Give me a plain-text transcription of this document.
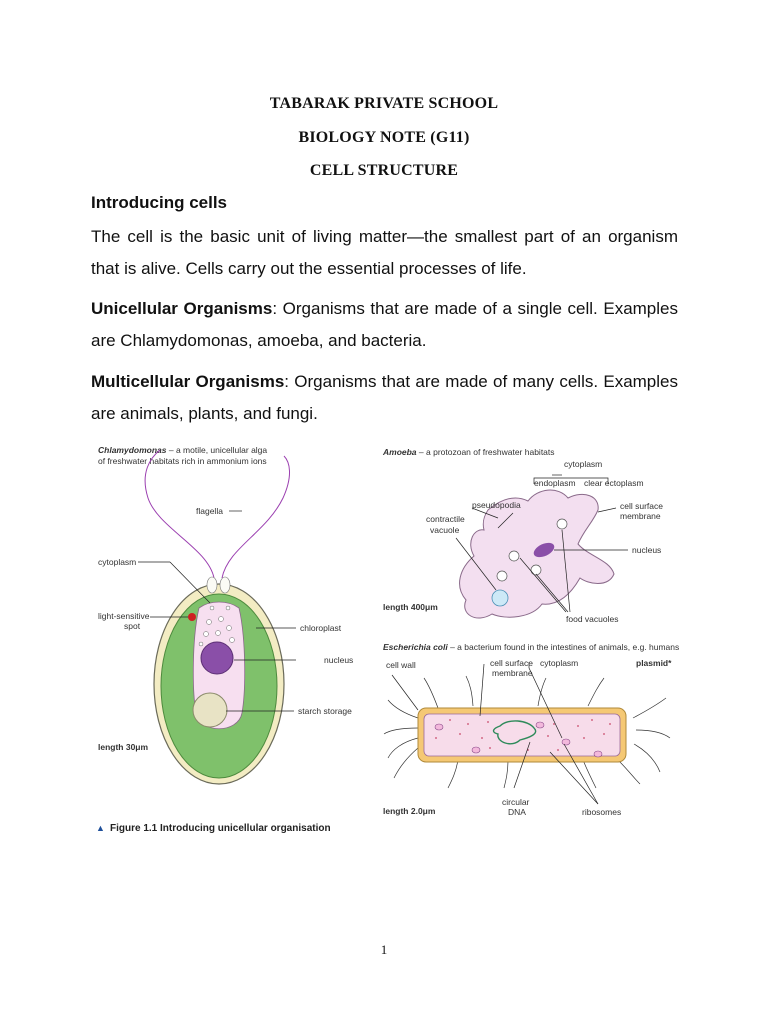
TABARAK PRIVATE SCHOOL
BIOLOGY NOTE (G11)
CELL STRUCTURE
Introducing cells
The cell is the basic unit of living matter—the smallest part of an organism that is alive. Cells carry out the essential processes of life.
Unicellular Organisms: Organisms that are made of a single cell. Examples are Chlamydomonas, amoeba, and bacteria.
Multicellular Organisms: Organisms that are made of many cells. Examples are animals, plants, and fungi.
Chlamydomonas – a motile, unicellular alga
of freshwater habitats rich in ammonium ions
flagella
cytoplasm
light-sensitive
spot	chloroplast
nucleus
starch storage
length 30μm
Amoeba – a protozoan of freshwater habitats
cytoplasm
endoplasm clear ectoplasm
pseudopodia	cell surface
membrane
contractile
vacuole
nucleus
food vacuoles
length 400μm
Escherichia coli – a bacterium found in the intestines of animals, e.g. humans
cell wall	cell surface
membrane
cytoplasm	plasmid*
circular
DNA	ribosomes
length 2.0μm
▲ Figure 1.1 Introducing unicellular organisation
1
